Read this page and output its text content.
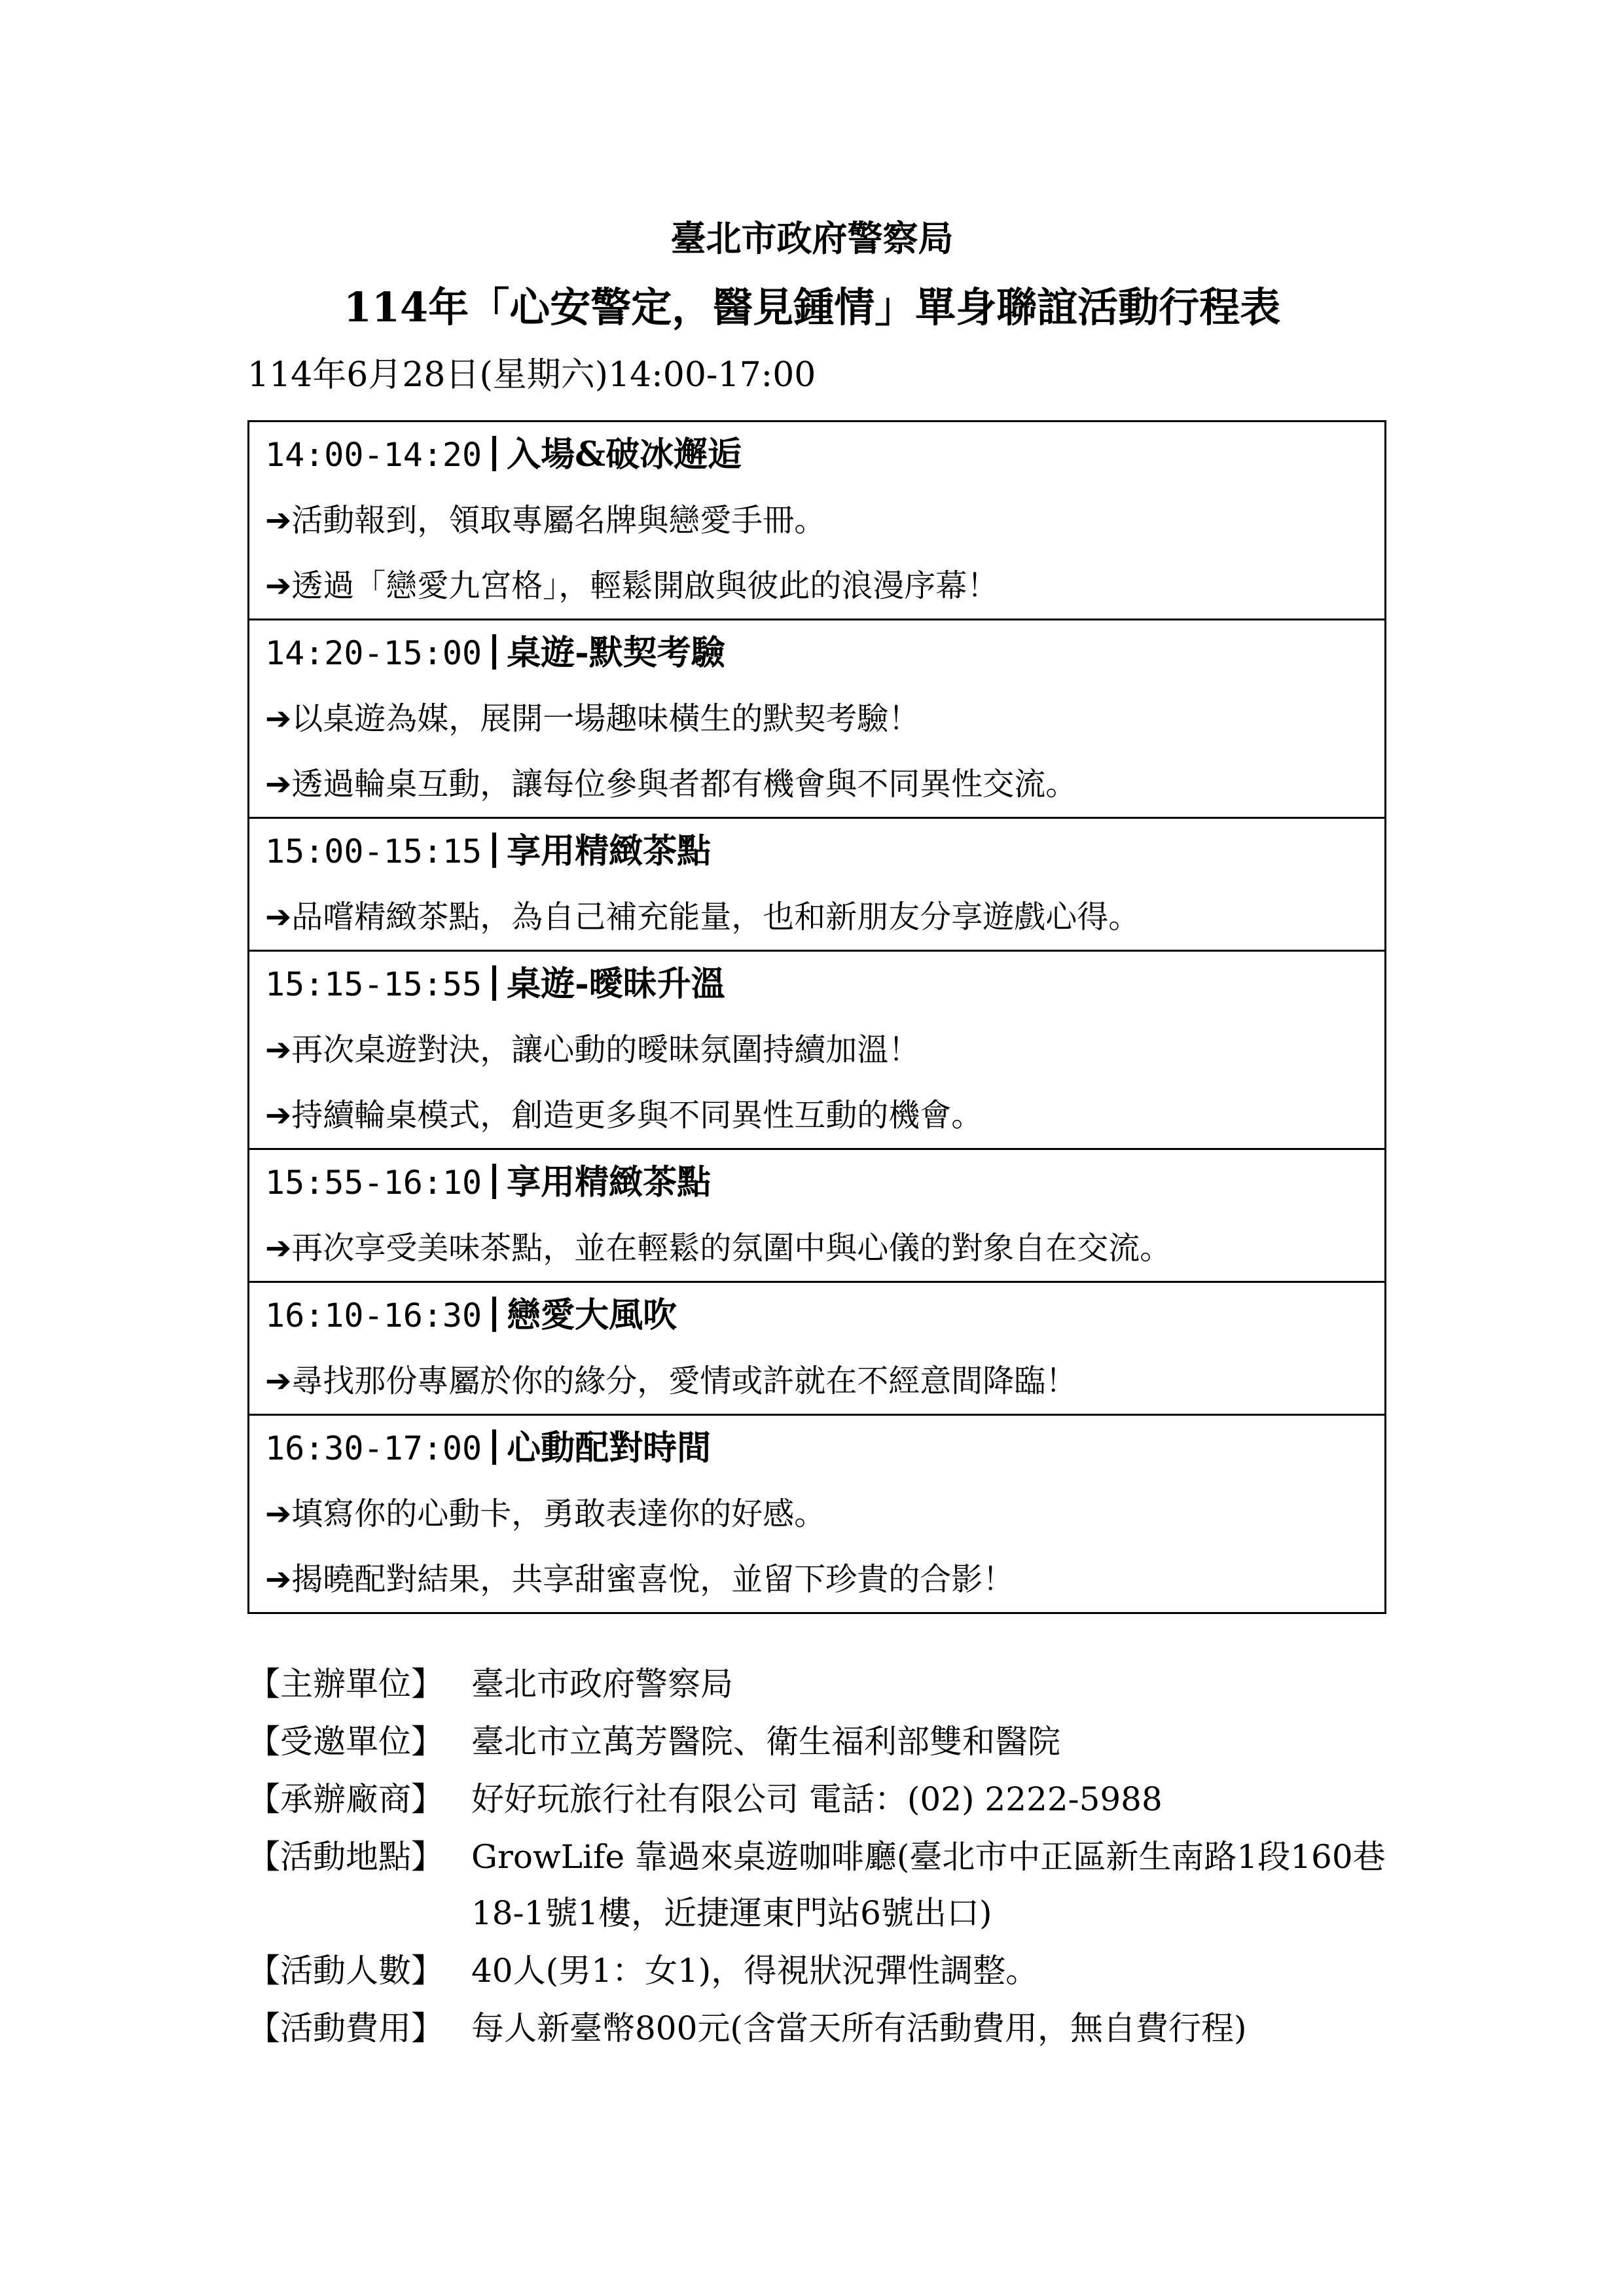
臺北市政府警察局
114年「心安警定，醫見鍾情」單身聯誼活動行程表
114年6月28日(星期六)14:00-17:00
14:00-14:20 入場&破冰邂逅
➔活動報到，領取專屬名牌與戀愛手冊。
➔透過「戀愛九宮格」，輕鬆開啟與彼此的浪漫序幕！
14:20-15:00 桌遊-默契考驗
➔以桌遊為媒，展開一場趣味橫生的默契考驗！
➔透過輪桌互動，讓每位參與者都有機會與不同異性交流。
15:00-15:15 享用精緻茶點
➔品嚐精緻茶點，為自己補充能量，也和新朋友分享遊戲心得。
15:15-15:55 桌遊-曖昧升溫
➔再次桌遊對決，讓心動的曖昧氛圍持續加溫！
➔持續輪桌模式，創造更多與不同異性互動的機會。
15:55-16:10 享用精緻茶點
➔再次享受美味茶點，並在輕鬆的氛圍中與心儀的對象自在交流。
16:10-16:30 戀愛大風吹
➔尋找那份專屬於你的緣分，愛情或許就在不經意間降臨！
16:30-17:00 心動配對時間
➔填寫你的心動卡，勇敢表達你的好感。
➔揭曉配對結果，共享甜蜜喜悅，並留下珍貴的合影！
【主辦單位】 臺北市政府警察局
【受邀單位】 臺北市立萬芳醫院、衛生福利部雙和醫院
【承辦廠商】 好好玩旅行社有限公司 電話：(02) 2222-5988
【活動地點】 GrowLife 靠過來桌遊咖啡廳(臺北市中正區新生南路1段160巷18-1號1樓，近捷運東門站6號出口)
【活動人數】 40人(男1：女1)，得視狀況彈性調整。
【活動費用】 每人新臺幣800元(含當天所有活動費用，無自費行程)
